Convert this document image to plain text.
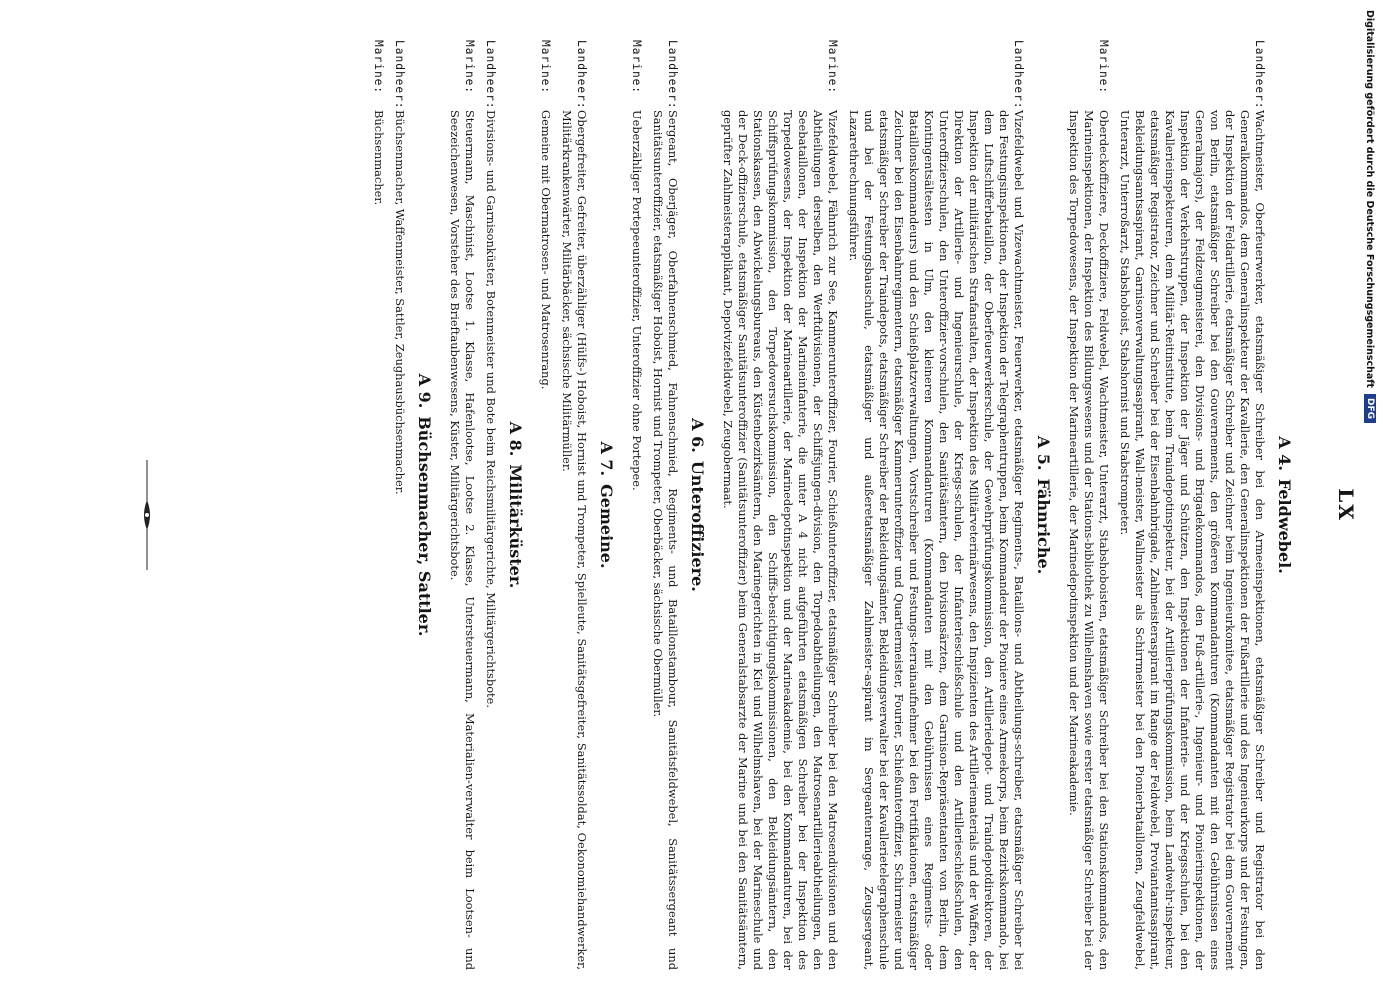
LX
A 4.Feldwebel.
Landheer:
Wachtmeister, Oberfeuerwerker, etatsmäßiger Schreiber bei den Armeeinspektionen, etatsmäßiger Schreiber und Registrator bei den Generalkommandos, dem Generalinspekteur der Kavallerie, den Generalinspektionen der Fußartillerie und des Ingenieurkorps und der Festungen, der Inspektion der Feldartillerie, etatsmäßiger Schreiber und Zeichner beim Ingenieurkomitee, etatsmäßiger Registrator bei dem Gouvernement von Berlin, etatsmäßiger Schreiber bei den Gouvernements, den größeren Kommandanturen (Kommandanten mit den Gebührnissen eines Generalmajors), der Feldzeugmeisterei, den Divisions- und Brigadekommandos, den Fuß-artillerie-, Ingenieur- und Pionierinspektionen, der Inspektion der Verkehrstruppen, der Inspektion der Jäger und Schützen, den Inspektionen der Infanterie- und der Kriegsschulen, bei den Kavallerieinspekteuren, dem Militär-Reitinstitute, beim Traindepotinspekteur, bei der Artillerieprüfungskommission, beim Landwehr-inspekteur, etatsmäßiger Registrator, Zeichner und Schreiber bei der Eisenbahnbrigade, Zahlmeisteraspirant im Range der Feldwebel, Proviantamtsaspirant, Bekleidungsamtsaspirant, Garnisonverwaltungsaspirant, Wall-meister, Wallmeister als Schirrmeister bei den Pionierbataillonen, Zeugfeldwebel, Unterarzt, Unterroßarzt, Stabshoboist, Stabshornist und Stabstrompeter.
Marine:
Oberdeckoffiziere, Deckoffiziere, Feldwebel, Wachtmeister, Unterarzt, Stabshoboisten, etatsmäßiger Schreiber bei den Stationskommandos, den Marineinspektionen, der Inspektion des Bildungswesens und der Stations-bibliothek zu Wilhelmshaven sowie erster etatsmäßiger Schreiber bei der Inspektion des Torpedowesens, der Inspektion der Marineartillerie, der Marinedepotinspektion und der Marineakademie.
A 5.Fähnriche.
Landheer:
Vizefeldwebel und Vizewachtmeister, Feuerwerker, etatsmäßiger Regiments-, Bataillons- und Abtheilungs-schreiber, etatsmäßiger Schreiber bei den Festungsinspektionen, der Inspektion der Telegraphentruppen, beim Kommandeur der Pioniere eines Armeekorps, beim Bezirkskommando, bei dem Luftschifferbataillon, der Oberfeuerwerkerschule, der Gewehrprüfungskommission, den Artilleriedepot- und Traindepotdirektoren, der Inspektion der militärischen Strafanstalten, der Inspektion des Militärveterinärwesens, den Inspizienten des Artilleriematerials und der Waffen, der Direktion der Artillerie- und Ingenieurschule, der Kriegs-schulen, der Infanterieschießschule und den Artillerieschießschulen, den Unteroffizierschulen, den Unteroffizier-vorschulen, den Sanitätsämtern, den Divisionsärzten, dem Garnison-Repräsentanten von Berlin, dem Kontingentsältesten in Ulm, den kleineren Kommandanturen (Kommandanten mit den Gebührnissen eines Regiments- oder Bataillonskommandeurs) und den Schießplatzverwaltungen, Vorstschreiber und Festungs-terrainaufnehmer bei den Fortifikationen, etatsmäßiger Zeichner bei den Eisenbahnregimentern, etatsmäßiger Kammerunteroffizier und Quartiermeister, Fourier, Schießunteroffizier, Schirrmeister und etatsmäßiger Schreiber der Traindepots, etatsmäßiger Schreiber der Bekleidungsämter, Bekleidungsverwalter bei der Kavallerietelegraphenschule und bei der Festungsbauschule, etatsmäßiger und außeretatsmäßiger Zahlmeister-aspirant im Sergeantenrange, Zeugsergeant, Lazarethrechnungsführer.
Marine:
Vizefeldwebel, Fähnrich zur See, Kammerunteroffizier, Fourier, Schießunteroffizier, etatsmäßiger Schreiber bei den Matrosendivisionen und den Abtheilungen derselben, den Werftdivisionen, der Schiffsjungen-division, den Torpedoabtheilungen, den Matrosenartillerieabtheilungen, den Seebataillonen, der Inspektion der Marineinfanterie, die unter A 4 nicht aufgeführten etatsmäßigen Schreiber bei der Inspektion des Torpedowesens, der Inspektion der Marineartillerie, der Marinedepotinspektion und der Marineakademie, bei den Kommandanturen, bei der Schiffsprüfungskommission, den Torpedoversuchskommission, den Schiffs-besichtigungskommissionen, den Bekleidungsämtern, den Stationskassen, den Abwickelungsbureaus, den Küstenbezirksämtern, den Marinegerichten in Kiel und Wilhelmshaven, bei der Marineschule und der Deck-offizierschule, etatsmäßiger Sanitätsunteroffizier (Sanitätsunteroffizier) beim Generalstabsarzte der Marine und bei den Sanitätsämtern, geprüfter Zahlmeisterapplikant, Depotvizefeldwebel, Zeugobermaat.
A 6.Unteroffiziere.
Landheer:
Sergeant, Oberjäger, Oberfahnenschmied, Fahnenschmied, Regiments- und Bataillonstambour, Sanitätsfeldwebel, Sanitätssergeant und Sanitätsunteroffizier, etatsmäßiger Hoboist, Hornist und Trompeter, Oberbäcker, sächsische Obermüller.
Marine:
Ueberzähliger Portepeeunteroffizier, Unteroffizier ohne Portepee.
A 7.Gemeine.
Landheer:
Obergefreiter, Gefreiter, überzähliger (Hülfs-) Hoboist, Hornist und Trompeter, Spielleute, Sanitätsgefreiter, Sanitätssoldat, Oekonomiehandwerker, Militärkrankenwärter, Militärbäcker, sächsische Militärmüller.
Marine:
Gemeine mit Obermatrosen- und Matrosenrang.
A 8.Militärküster.
Landheer:
Divisions- und Garnisonküster, Botenmeister und Bote beim Reichsmilitärgerichte, Militärgerichtsbote.
Marine:
Steuermann, Maschinist, Lootse 1. Klasse, Hafenlootse, Lootse 2. Klasse, Untersteuermann, Materialien-verwalter beim Lootsen- und Seezeichenwesen, Vorsteher des Brieftaubenwesens, Küster, Militärgerichtsbote.
A 9.Büchsenmacher, Sattler.
Landheer:
Büchsenmacher, Waffenmeister, Sattler, Zeughausbüchsenmacher.
Marine:
Büchsenmacher.	Digitalisierung gefördert durch die Deutsche Forschungsgemeinschaft
DFG
